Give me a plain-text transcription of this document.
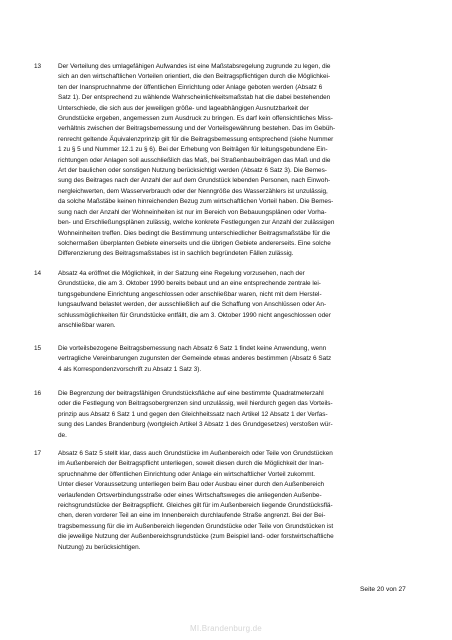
13	Der Verteilung des umlagefähigen Aufwandes ist eine Maßstabsregelung zugrunde zu legen, die
sich an den wirtschaftlichen Vorteilen orientiert, die den Beitragspflichtigen durch die Möglichkei-
ten der Inanspruchnahme der öffentlichen Einrichtung oder Anlage geboten werden (Absatz 6
Satz 1). Der entsprechend zu wählende Wahrscheinlichkeitsmaßstab hat die dabei bestehenden
Unterschiede, die sich aus der jeweiligen größe- und lageabhängigen Ausnutzbarkeit der
Grundstücke ergeben, angemessen zum Ausdruck zu bringen. Es darf kein offensichtliches Miss-
verhältnis zwischen der Beitragsbemessung und der Vorteilsgewährung bestehen. Das im Gebüh-
renrecht geltende Äquivalenzprinzip gilt für die Beitragsbemessung entsprechend (siehe Nummer
1 zu § 5 und Nummer 12.1 zu § 6). Bei der Erhebung von Beiträgen für leitungsgebundene Ein-
richtungen oder Anlagen soll ausschließlich das Maß, bei Straßenbaubeiträgen das Maß und die
Art der baulichen oder sonstigen Nutzung berücksichtigt werden (Absatz 6 Satz 3). Die Bemes-
sung des Beitrages nach der Anzahl der auf dem Grundstück lebenden Personen, nach Einwoh-
nergleichwerten, dem Wasserverbrauch oder der Nenngröße des Wasserzählers ist unzulässig,
da solche Maßstäbe keinen hinreichenden Bezug zum wirtschaftlichen Vorteil haben. Die Bemes-
sung nach der Anzahl der Wohneinheiten ist nur im Bereich von Bebauungsplänen oder Vorha-
ben- und Erschließungsplänen zulässig, welche konkrete Festlegungen zur Anzahl der zulässigen
Wohneinheiten treffen. Dies bedingt die Bestimmung unterschiedlicher Beitragsmaßstäbe für die
solchermaßen überplanten Gebiete einerseits und die übrigen Gebiete andererseits. Eine solche
Differenzierung des Beitragsmaßstabes ist in sachlich begründeten Fällen zulässig.
14	Absatz 4a eröffnet die Möglichkeit, in der Satzung eine Regelung vorzusehen, nach der
Grundstücke, die am 3. Oktober 1990 bereits bebaut und an eine entsprechende zentrale lei-
tungsgebundene Einrichtung angeschlossen oder anschließbar waren, nicht mit dem Herstel-
lungsaufwand belastet werden, der ausschließlich auf die Schaffung von Anschlüssen oder An-
schlussmöglichkeiten für Grundstücke entfällt, die am 3. Oktober 1990 nicht angeschlossen oder
anschließbar waren.
15	Die vorteilsbezogene Beitragsbemessung nach Absatz 6 Satz 1 findet keine Anwendung, wenn
vertragliche Vereinbarungen zugunsten der Gemeinde etwas anderes bestimmen (Absatz 6 Satz
4 als Korrespondenzvorschrift zu Absatz 1 Satz 3).
16	Die Begrenzung der beitragsfähigen Grundstücksfläche auf eine bestimmte Quadratmeterzahl
oder die Festlegung von Beitragsobergrenzen sind unzulässig, weil hierdurch gegen das Vorteils-
prinzip aus Absatz 6 Satz 1 und gegen den Gleichheitssatz nach Artikel 12 Absatz 1 der Verfas-
sung des Landes Brandenburg (wortgleich Artikel 3 Absatz 1 des Grundgesetzes) verstoßen wür-
de.
17	Absatz 6 Satz 5 stellt klar, dass auch Grundstücke im Außenbereich oder Teile von Grundstücken
im Außenbereich der Beitragspflicht unterliegen, soweit diesen durch die Möglichkeit der Inan-
spruchnahme der öffentlichen Einrichtung oder Anlage ein wirtschaftlicher Vorteil zukommt.
Unter dieser Voraussetzung unterliegen beim Bau oder Ausbau einer durch den Außenbereich
verlaufenden Ortsverbindungsstraße oder eines Wirtschaftsweges die anliegenden Außenbe-
reichsgrundstücke der Beitragspflicht. Gleiches gilt für im Außenbereich liegende Grundstücksflä-
chen, deren vorderer Teil an eine im Innenbereich durchlaufende Straße angrenzt. Bei der Bei-
tragsbemessung für die im Außenbereich liegenden Grundstücke oder Teile von Grundstücken ist
die jeweilige Nutzung der Außenbereichsgrundstücke (zum Beispiel land- oder forstwirtschaftliche
Nutzung) zu berücksichtigen.
Seite 20 von 27
MI.Brandenburg.de
